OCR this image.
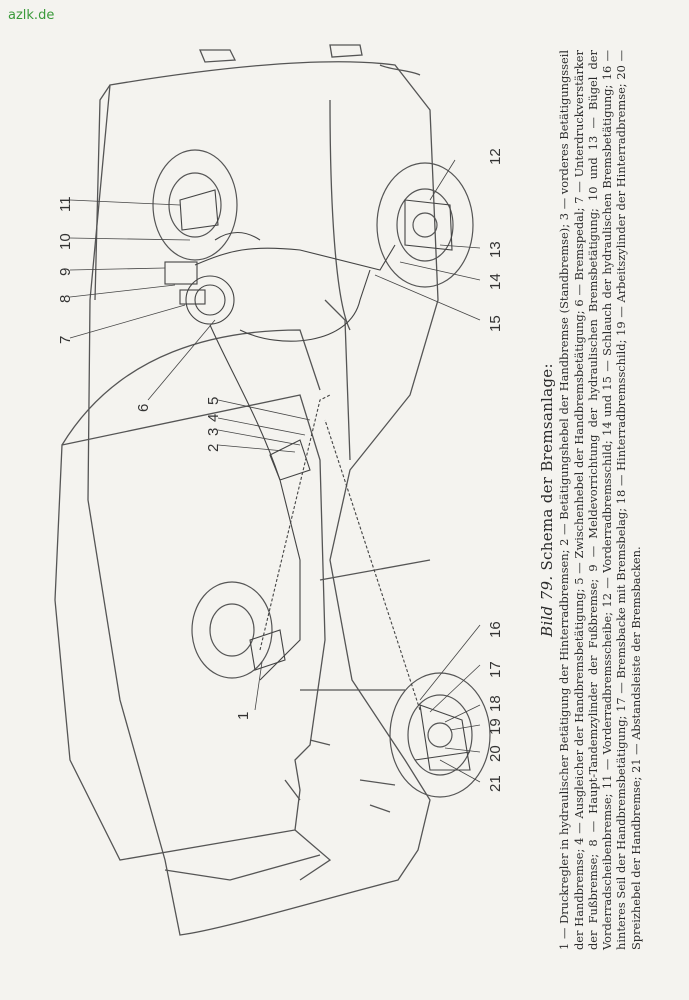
azlk.de
1
2
3
4
5
6
7
8
9
10
11
12
13
14
15
16
17
18
19
20
21
Bild 79. Schema der Bremsanlage: 1 — Druckregler in hydraulischer Betätigung der Hinterradbremsen; 2 — Betätigungshebel der Handbremse (Standbremse); 3 — vorderes Betätigungsseil der Handbremse; 4 — Ausgleicher der Handbremsbetätigung; 5 — Zwischenhebel der Handbremsbetätigung; 6 — Bremspedal; 7 — Unterdruckverstärker der Fußbremse; 8 — Haupt-Tandemzylinder der Fußbremse; 9 — Meldevorrichtung der hydraulischen Bremsbetätigung; 10 und 13 — Bügel der Vorderradscheibenbremse; 11 — Vorderradbremsscheibe; 12 — Vorderradbremsschild; 14 und 15 — Schlauch der hydraulischen Bremsbetätigung; 16 — hinteres Seil der Handbremsbetätigung; 17 — Bremsbacke mit Bremsbelag; 18 — Hinterradbremsschild; 19 — Arbeitszylinder der Hinterradbremse; 20 — Spreizhebel der Handbremse; 21 — Abstandsleiste der Bremsbacken.
